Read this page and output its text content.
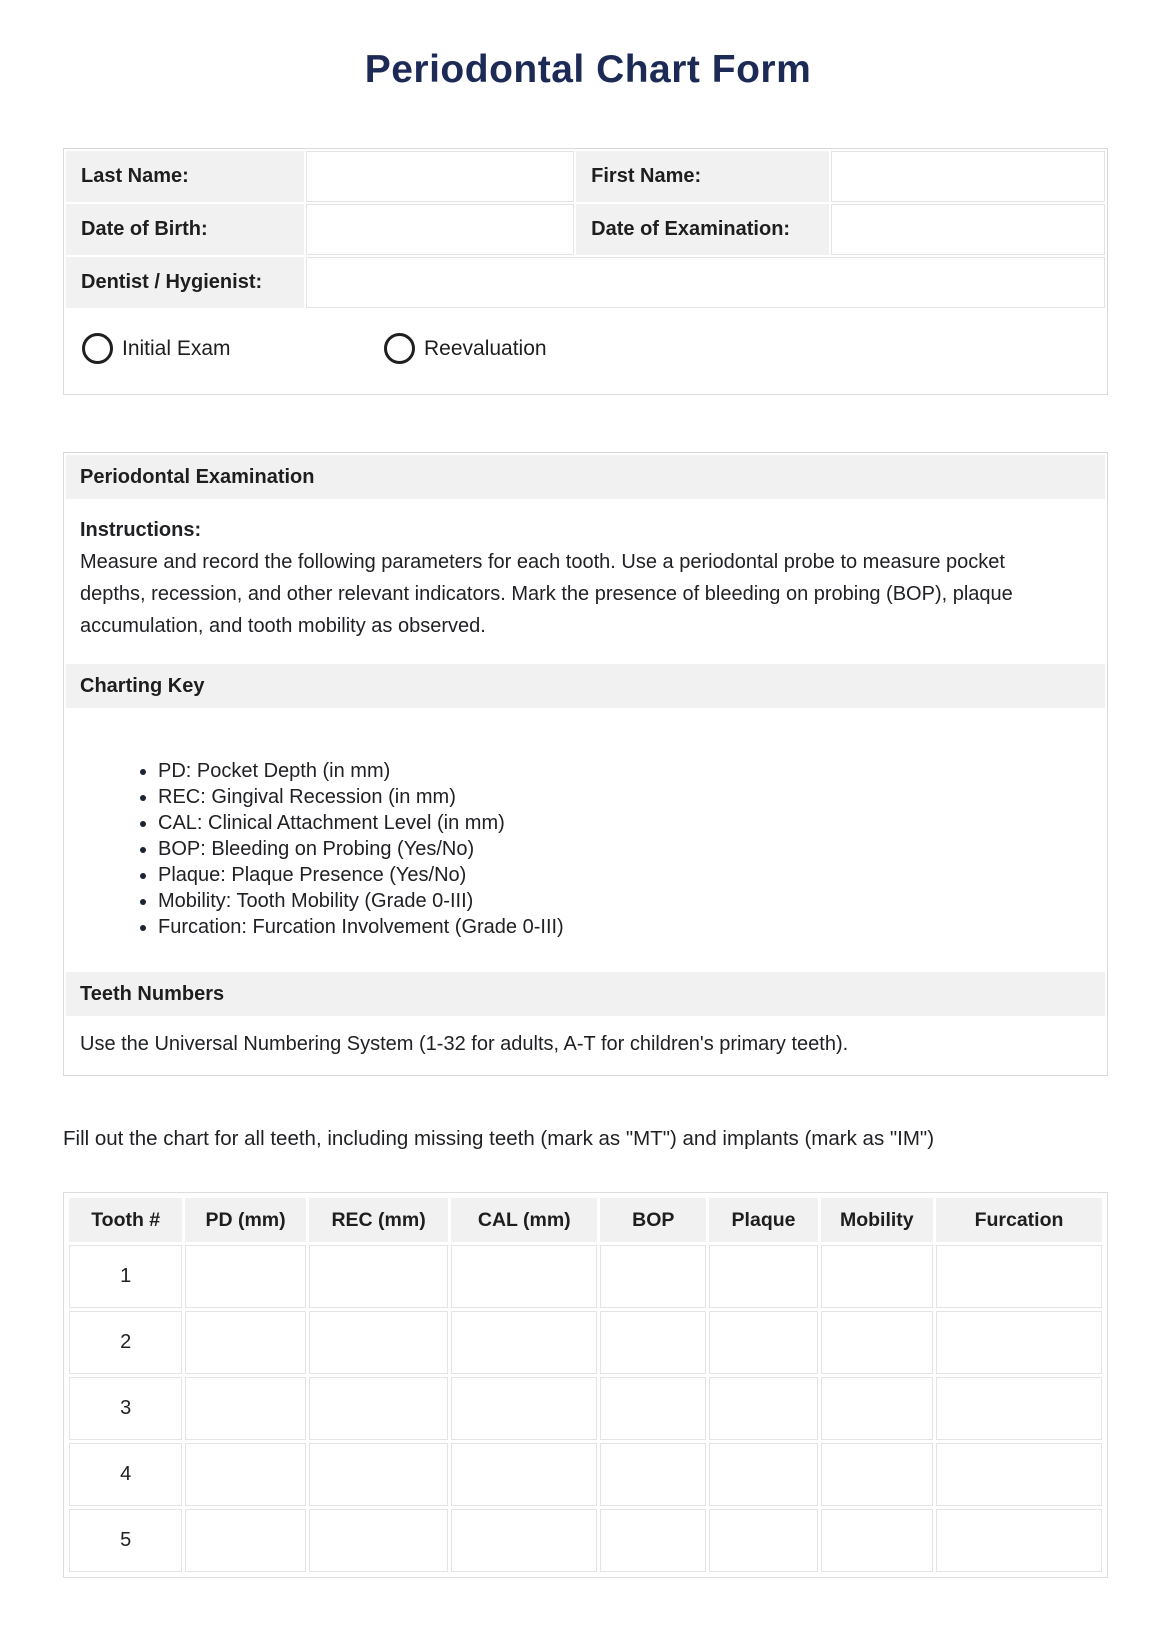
Periodontal Chart Form
Last Name:		First Name:	
Date of Birth:		Date of Examination:	
Dentist / Hygienist:			
Initial Exam	Reevaluation
Periodontal Examination
Instructions:
Measure and record the following parameters for each tooth. Use a periodontal probe to measure pocket depths, recession, and other relevant indicators. Mark the presence of bleeding on probing (BOP), plaque accumulation, and tooth mobility as observed.
Charting Key
• PD: Pocket Depth (in mm)
• REC: Gingival Recession (in mm)
• CAL: Clinical Attachment Level (in mm)
• BOP: Bleeding on Probing (Yes/No)
• Plaque: Plaque Presence (Yes/No)
• Mobility: Tooth Mobility (Grade 0-III)
• Furcation: Furcation Involvement (Grade 0-III)
Teeth Numbers
Use the Universal Numbering System (1-32 for adults, A-T for children's primary teeth).
Fill out the chart for all teeth, including missing teeth (mark as "MT") and implants (mark as "IM")
Tooth #	PD (mm)	REC (mm)	CAL (mm)	BOP	Plaque	Mobility	Furcation
1							
2							
3							
4							
5							
